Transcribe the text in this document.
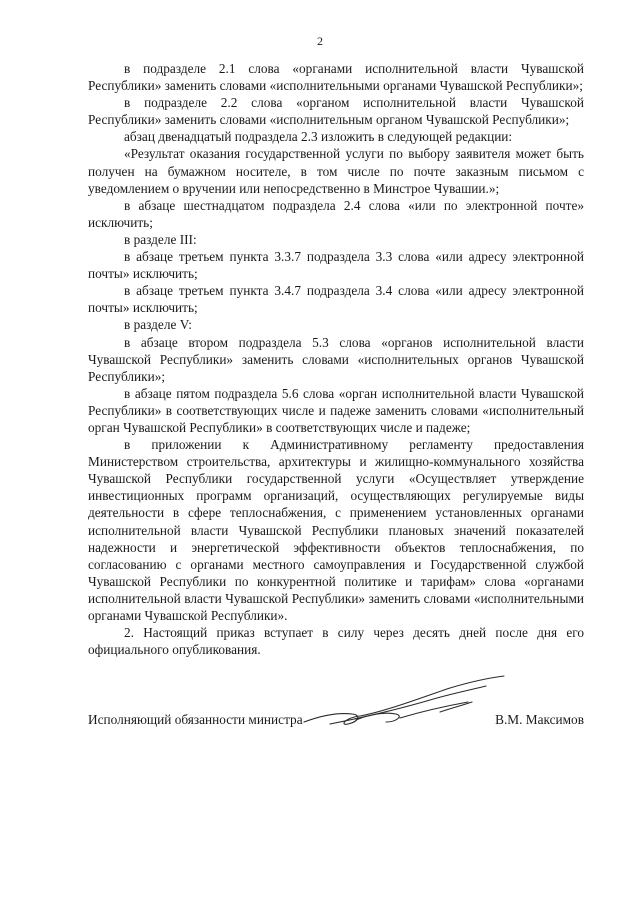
2

в подразделе 2.1 слова «органами исполнительной власти Чувашской Республики» заменить словами «исполнительными органами Чувашской Республики»;

в подразделе 2.2 слова «органом исполнительной власти Чувашской Республики» заменить словами «исполнительным органом Чувашской Республики»;

абзац двенадцатый подраздела 2.3 изложить в следующей редакции:

«Результат оказания государственной услуги по выбору заявителя может быть получен на бумажном носителе, в том числе по почте заказным письмом с уведомлением о вручении или непосредственно в Минстрое Чувашии.»;

в абзаце шестнадцатом подраздела 2.4 слова «или по электронной почте» исключить;

в разделе III:

в абзаце третьем пункта 3.3.7 подраздела 3.3 слова «или адресу электронной почты» исключить;

в абзаце третьем пункта 3.4.7 подраздела 3.4 слова «или адресу электронной почты» исключить;

в разделе V:

в абзаце втором подраздела 5.3 слова «органов исполнительной власти Чувашской Республики» заменить словами «исполнительных органов Чувашской Республики»;

в абзаце пятом подраздела 5.6 слова «орган исполнительной власти Чувашской Республики» в соответствующих числе и падеже заменить словами «исполнительный орган Чувашской Республики» в соответствующих числе и падеже;

в приложении к Административному регламенту предоставления Министерством строительства, архитектуры и жилищно-коммунального хозяйства Чувашской Республики государственной услуги «Осуществляет утверждение инвестиционных программ организаций, осуществляющих регулируемые виды деятельности в сфере теплоснабжения, с применением установленных органами исполнительной власти Чувашской Республики плановых значений показателей надежности и энергетической эффективности объектов теплоснабжения, по согласованию с органами местного самоуправления и Государственной службой Чувашской Республики по конкурентной политике и тарифам» слова «органами исполнительной власти Чувашской Республики» заменить словами «исполнительными органами Чувашской Республики».

2. Настоящий приказ вступает в силу через десять дней после дня его официального опубликования.

Исполняющий обязанности министра	В.М. Максимов
